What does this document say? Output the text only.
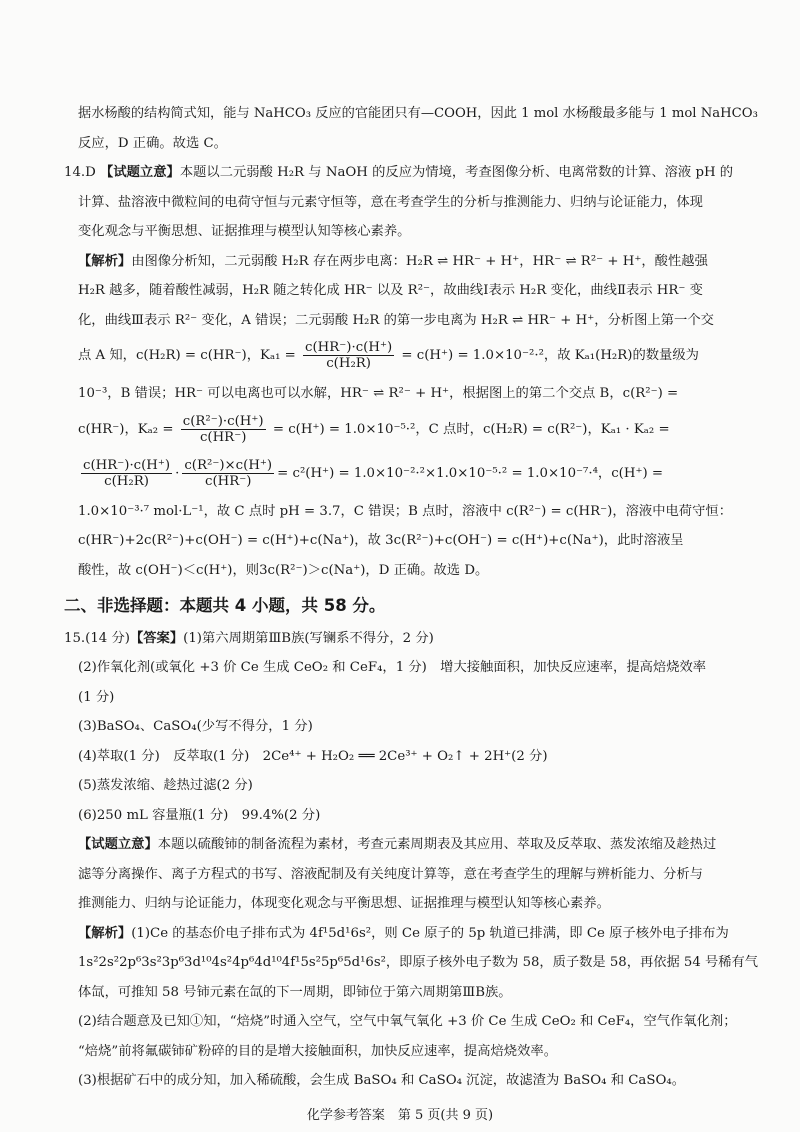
据水杨酸的结构简式知，能与 NaHCO₃ 反应的官能团只有—COOH，因此 1 mol 水杨酸最多能与 1 mol NaHCO₃
反应，D 正确。故选 C。
14.D 【试题立意】本题以二元弱酸 H₂R 与 NaOH 的反应为情境，考查图像分析、电离常数的计算、溶液 pH 的
计算、盐溶液中微粒间的电荷守恒与元素守恒等，意在考查学生的分析与推测能力、归纳与论证能力，体现
变化观念与平衡思想、证据推理与模型认知等核心素养。
【解析】由图像分析知，二元弱酸 H₂R 存在两步电离：H₂R ⇌ HR⁻ + H⁺，HR⁻ ⇌ R²⁻ + H⁺，酸性越强
H₂R 越多，随着酸性减弱，H₂R 随之转化成 HR⁻ 以及 R²⁻，故曲线Ⅰ表示 H₂R 变化，曲线Ⅱ表示 HR⁻ 变
化，曲线Ⅲ表示 R²⁻ 变化，A 错误；二元弱酸 H₂R 的第一步电离为 H₂R ⇌ HR⁻ + H⁺，分析图上第一个交
点 A 知，c(H₂R) = c(HR⁻)，$K_{a1} = \frac{c(HR^-)\cdot c(H^+)}{\text{c(H₂R)}} = c(H^+) = 1.0\times 10^{-2}\cdot^2$，故 Kₐ₁(H₂R)的数量级为
10⁻³，B 错误；HR⁻ 可以电离也可以水解，HR⁻ ⇌ R²⁻ + H⁺，根据图上的第二个交点 B，c(R²⁻) =
c(HR⁻)，$K_{a2} = \frac{\text{c(R²⁻)·c(H⁺)}}{c(HR^-)} = c(H^+) = 1.0\times 10^{-5}\cdot^2$，C 点时，c(H₂R) = c(R²⁻)，Kₐ₁ · Kₐ₂ =
$\frac{c(HR^-)\cdot c(H^+)}{\text{c(H₂R)}} \cdot \frac{\text{c(R²⁻)×c(H⁺)}}{c(HR^-)} = c^2(H^+) = 1.0\times 10^{-2}\cdot^2\times 1.0\times 10^{-5}\cdot^2 = 1.0\times 10^{-7}\cdot^4$，c(H⁺) =
1.0×10⁻³·⁷ mol·L⁻¹，故 C 点时 pH = 3.7，C 错误；B 点时，溶液中 c(R²⁻) = c(HR⁻)，溶液中电荷守恒：
c(HR⁻)+2c(R²⁻)+c(OH⁻) = c(H⁺)+c(Na⁺)，故 3c(R²⁻)+c(OH⁻) = c(H⁺)+c(Na⁺)，此时溶液呈
酸性，故 c(OH⁻)＜c(H⁺)，则3c(R²⁻)＞c(Na⁺)，D 正确。故选 D。
二、非选择题：本题共 4 小题，共 58 分。
15.(14 分)【答案】(1)第六周期第ⅢB族(写镧系不得分，2 分)
(2)作氧化剂(或氧化 +3 价 Ce 生成 CeO₂ 和 CeF₄，1 分)　增大接触面积，加快反应速率，提高焙烧效率
(1 分)
(3)BaSO₄、CaSO₄(少写不得分，1 分)
(4)萃取(1 分)　反萃取(1 分)　2Ce⁴⁺ + H₂O₂ ══ 2Ce³⁺ + O₂↑ + 2H⁺(2 分)
(5)蒸发浓缩、趁热过滤(2 分)
(6)250 mL 容量瓶(1 分)　99.4%(2 分)
【试题立意】本题以硫酸铈的制备流程为素材，考查元素周期表及其应用、萃取及反萃取、蒸发浓缩及趁热过
滤等分离操作、离子方程式的书写、溶液配制及有关纯度计算等，意在考查学生的理解与辨析能力、分析与
推测能力、归纳与论证能力，体现变化观念与平衡思想、证据推理与模型认知等核心素养。
【解析】(1)Ce 的基态价电子排布式为 4f¹5d¹6s²，则 Ce 原子的 5p 轨道已排满，即 Ce 原子核外电子排布为
1s²2s²2p⁶3s²3p⁶3d¹⁰4s²4p⁶4d¹⁰4f¹5s²5p⁶5d¹6s²，即原子核外电子数为 58，质子数是 58，再依据 54 号稀有气
体氙，可推知 58 号铈元素在氙的下一周期，即铈位于第六周期第ⅢB族。
(2)结合题意及已知①知，“焙烧”时通入空气，空气中氧气氧化 +3 价 Ce 生成 CeO₂ 和 CeF₄，空气作氧化剂；
“焙烧”前将氟碳铈矿粉碎的目的是增大接触面积，加快反应速率，提高焙烧效率。
(3)根据矿石中的成分知，加入稀硫酸，会生成 BaSO₄ 和 CaSO₄ 沉淀，故滤渣为 BaSO₄ 和 CaSO₄。
化学参考答案　第 5 页(共 9 页)
